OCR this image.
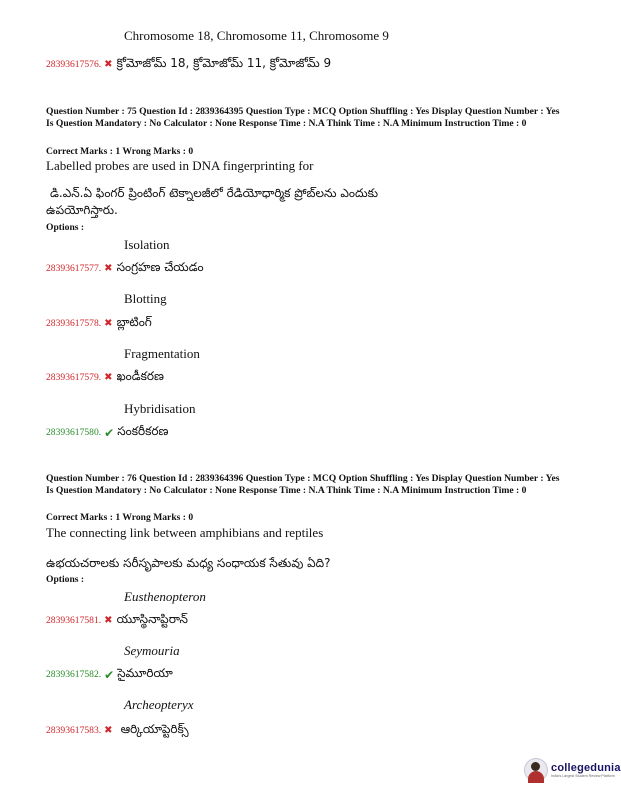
Chromosome 18, Chromosome 11, Chromosome 9
28393617576. ✖ క్రోమోజోమ్ 18, క్రోమోజోమ్ 11, క్రోమోజోమ్ 9
Question Number : 75 Question Id : 2839364395 Question Type : MCQ Option Shuffling : Yes Display Question Number : Yes Is Question Mandatory : No Calculator : None Response Time : N.A Think Time : N.A Minimum Instruction Time : 0
Correct Marks : 1 Wrong Marks : 0
Labelled probes are used in DNA fingerprinting for
డి.ఎన్.ఏ ఫింగర్ ప్రింటింగ్ టెక్నాలజీలో రేడియోధార్మిక ప్రోబ్‌లను ఎందుకు
ఉపయోగిస్తారు.
Options :
Isolation
28393617577. ✖ సంగ్రహణ చేయడం
Blotting
28393617578. ✖ బ్లాటింగ్
Fragmentation
28393617579. ✖ ఖండీకరణ
Hybridisation
28393617580. ✔ సంకరీకరణ
Question Number : 76 Question Id : 2839364396 Question Type : MCQ Option Shuffling : Yes Display Question Number : Yes Is Question Mandatory : No Calculator : None Response Time : N.A Think Time : N.A Minimum Instruction Time : 0
Correct Marks : 1 Wrong Marks : 0
The connecting link between amphibians and reptiles
ఉభయచరాలకు సరీసృపాలకు మధ్య సంధాయక సేతువు ఏది?
Options :
Eusthenopteron
28393617581. ✖ యూస్థినాప్టిరాన్
Seymouria
28393617582. ✔ సైమూరియా
Archeopteryx
28393617583. ✖ ఆర్కియాప్టెరిక్స్
collegedunia
India's Largest Student Review Platform
